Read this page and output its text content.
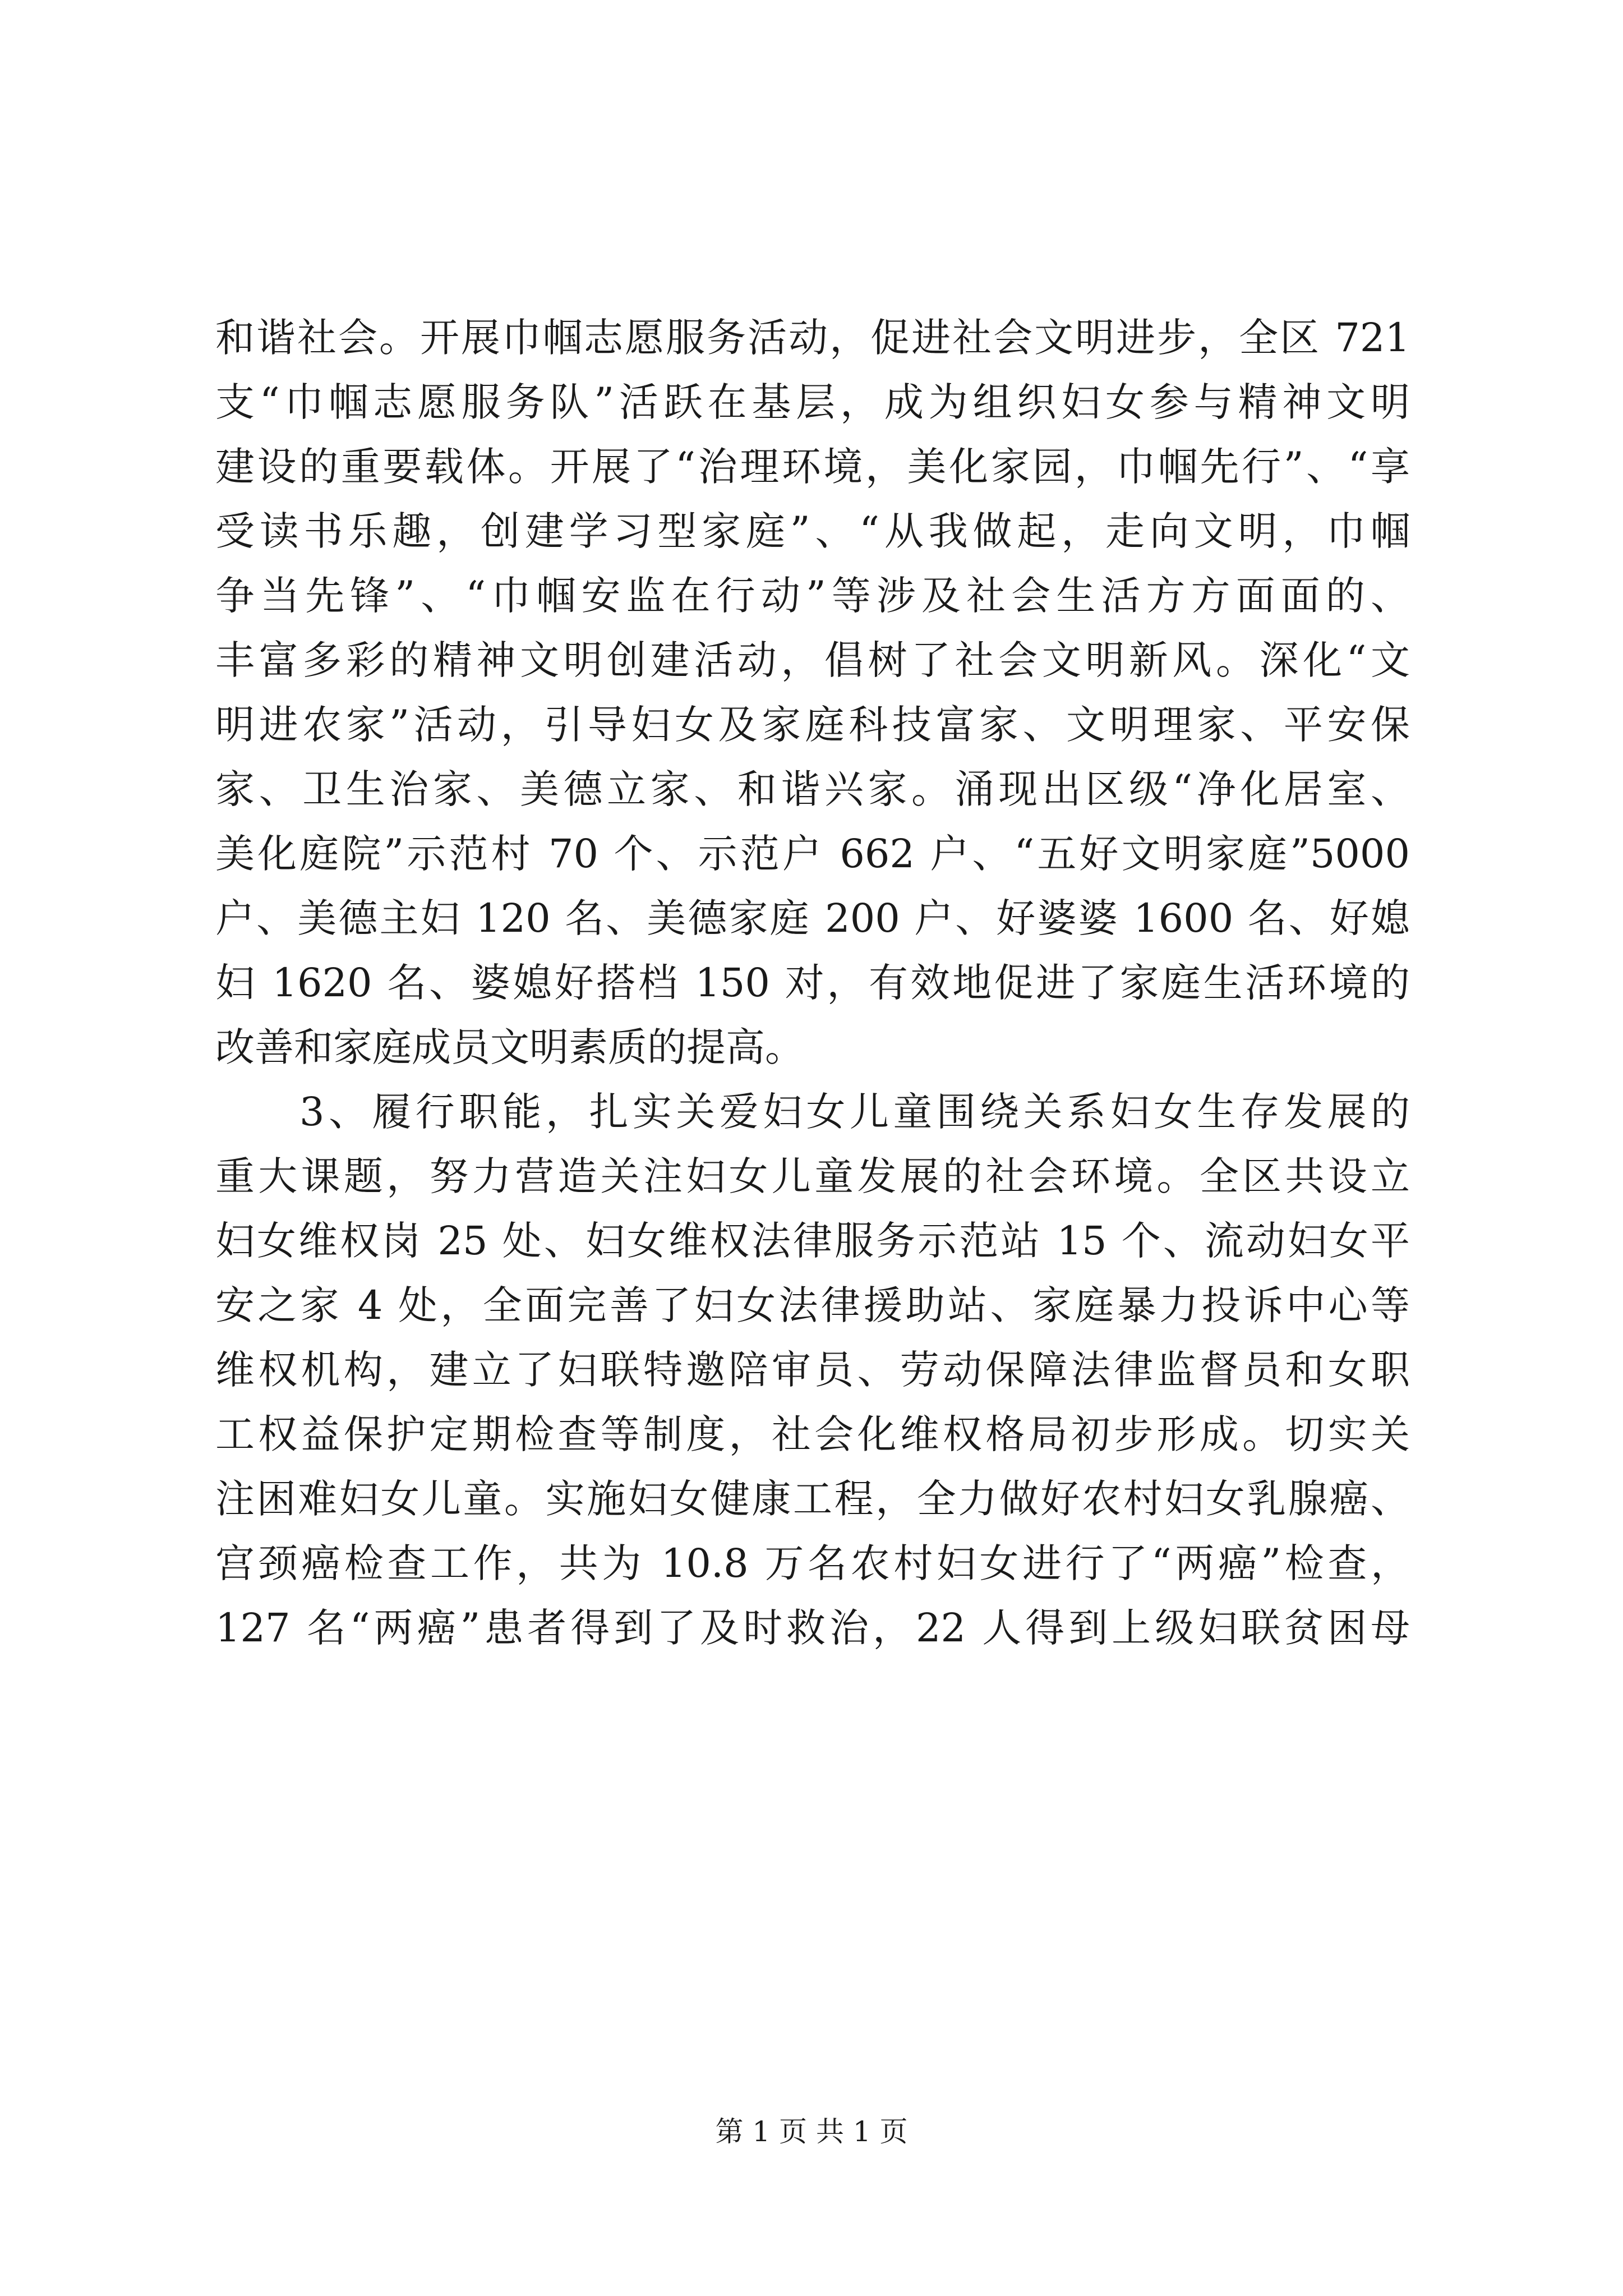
和谐社会。开展巾帼志愿服务活动，促进社会文明进步，全区 721
支“巾帼志愿服务队”活跃在基层，成为组织妇女参与精神文明
建设的重要载体。开展了“治理环境，美化家园，巾帼先行”、“享
受读书乐趣，创建学习型家庭”、“从我做起，走向文明，巾帼
争当先锋”、“巾帼安监在行动”等涉及社会生活方方面面的、
丰富多彩的精神文明创建活动，倡树了社会文明新风。深化“文
明进农家”活动，引导妇女及家庭科技富家、文明理家、平安保
家、卫生治家、美德立家、和谐兴家。涌现出区级“净化居室、
美化庭院”示范村 70 个、示范户 662 户、“五好文明家庭”5000
户、美德主妇 120 名、美德家庭 200 户、好婆婆 1600 名、好媳
妇 1620 名、婆媳好搭档 150 对，有效地促进了家庭生活环境的
改善和家庭成员文明素质的提高。
3、履行职能，扎实关爱妇女儿童围绕关系妇女生存发展的
重大课题，努力营造关注妇女儿童发展的社会环境。全区共设立
妇女维权岗 25 处、妇女维权法律服务示范站 15 个、流动妇女平
安之家 4 处，全面完善了妇女法律援助站、家庭暴力投诉中心等
维权机构，建立了妇联特邀陪审员、劳动保障法律监督员和女职
工权益保护定期检查等制度，社会化维权格局初步形成。切实关
注困难妇女儿童。实施妇女健康工程，全力做好农村妇女乳腺癌、
宫颈癌检查工作，共为 10.8 万名农村妇女进行了“两癌”检查，
127 名“两癌”患者得到了及时救治，22 人得到上级妇联贫困母
第 1 页 共 1 页
